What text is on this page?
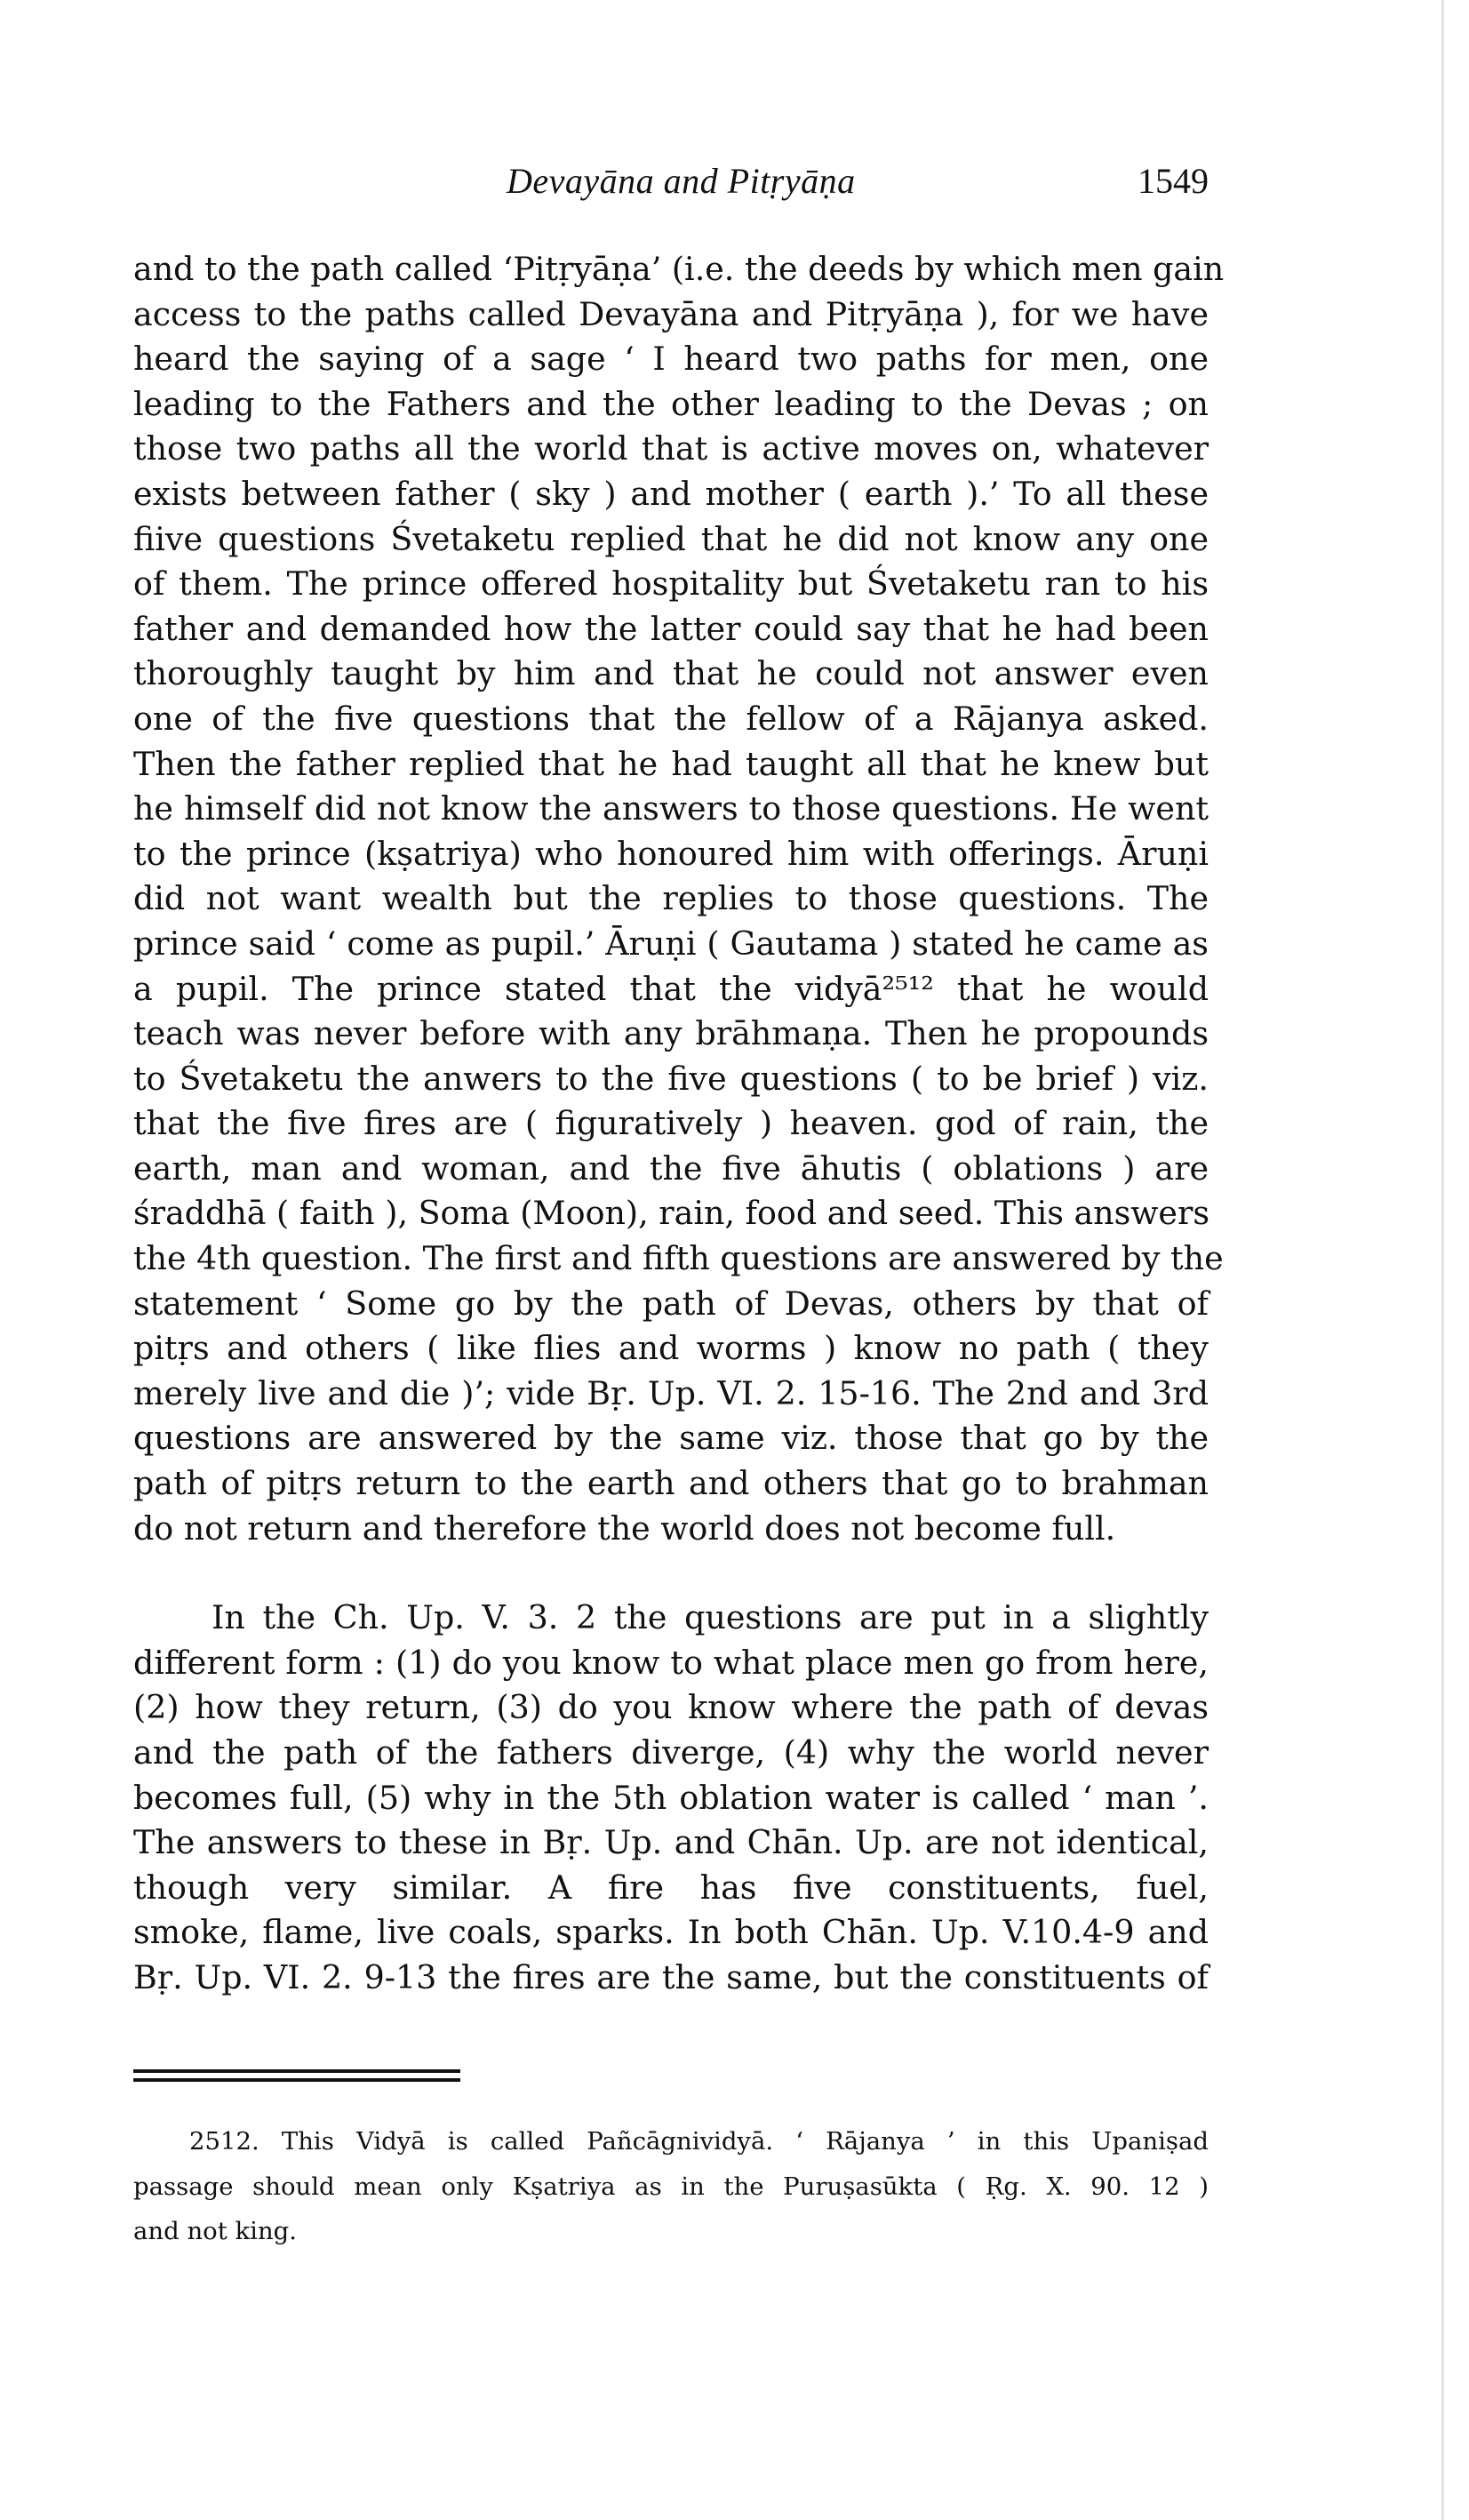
Devayāna and Pitṛyāṇa	1549

and to the path called ‘Pitṛyāṇa’ (i.e. the deeds by which men gain
access to the paths called Devayāna and Pitṛyāṇa ), for we have
heard the saying of a sage ‘ I heard two paths for men, one
leading to the Fathers and the other leading to the Devas ; on
those two paths all the world that is active moves on, whatever
exists between father ( sky ) and mother ( earth ).’ To all these
fiive questions Śvetaketu replied that he did not know any one
of them. The prince offered hospitality but Śvetaketu ran to his
father and demanded how the latter could say that he had been
thoroughly taught by him and that he could not answer even
one of the five questions that the fellow of a Rājanya asked.
Then the father replied that he had taught all that he knew but
he himself did not know the answers to those questions. He went
to the prince (kṣatriya) who honoured him with offerings. Āruṇi
did not want wealth but the replies to those questions. The
prince said ‘ come as pupil.’ Āruṇi ( Gautama ) stated he came as
a pupil. The prince stated that the vidyā²⁵¹² that he would
teach was never before with any brāhmaṇa. Then he propounds
to Śvetaketu the anwers to the five questions ( to be brief ) viz.
that the five fires are ( figuratively ) heaven. god of rain, the
earth, man and woman, and the five āhutis ( oblations ) are
śraddhā ( faith ), Soma (Moon), rain, food and seed. This answers
the 4th question. The first and fifth questions are answered by the
statement ‘ Some go by the path of Devas, others by that of
pitṛs and others ( like flies and worms ) know no path ( they
merely live and die )’; vide Bṛ. Up. VI. 2. 15-16. The 2nd and 3rd
questions are answered by the same viz. those that go by the
path of pitṛs return to the earth and others that go to brahman
do not return and therefore the world does not become full.

In the Ch. Up. V. 3. 2 the questions are put in a slightly
different form : (1) do you know to what place men go from here,
(2) how they return, (3) do you know where the path of devas
and the path of the fathers diverge, (4) why the world never
becomes full, (5) why in the 5th oblation water is called ‘ man ’.
The answers to these in Bṛ. Up. and Chān. Up. are not identical,
though very similar. A fire has five constituents, fuel,
smoke, flame, live coals, sparks. In both Chān. Up. V.10.4-9 and
Bṛ. Up. VI. 2. 9-13 the fires are the same, but the constituents of

2512. This Vidyā is called Pañcāgnividyā. ‘ Rājanya ’ in this Upaniṣad
passage should mean only Kṣatriya as in the Puruṣasūkta ( Ṛg. X. 90. 12 )
and not king.
